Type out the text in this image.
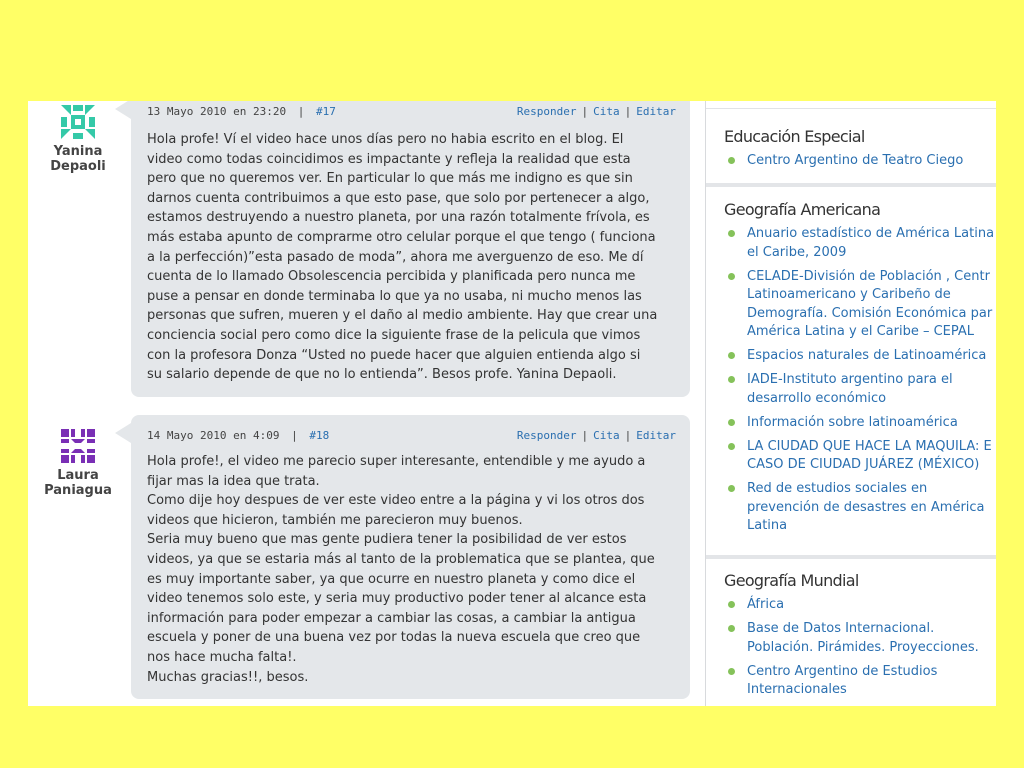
Yanina
Depaoli
13 Mayo 2010 en 23:20 | #17	Responder | Cita | Editar

Hola profe! Ví el video hace unos días pero no habia escrito en el blog. El

video como todas coincidimos es impactante y refleja la realidad que esta

pero que no queremos ver. En particular lo que más me indigno es que sin

darnos cuenta contribuimos a que esto pase, que solo por pertenecer a algo,

estamos destruyendo a nuestro planeta, por una razón totalmente frívola, es

más estaba apunto de comprarme otro celular porque el que tengo ( funciona

a la perfección)”esta pasado de moda”, ahora me averguenzo de eso. Me dí

cuenta de lo llamado Obsolescencia percibida y planificada pero nunca me

puse a pensar en donde terminaba lo que ya no usaba, ni mucho menos las

personas que sufren, mueren y el daño al medio ambiente. Hay que crear una

conciencia social pero como dice la siguiente frase de la pelicula que vimos

con la profesora Donza “Usted no puede hacer que alguien entienda algo si

su salario depende de que no lo entienda”. Besos profe. Yanina Depaoli.

Laura
Paniagua
14 Mayo 2010 en 4:09 | #18	Responder | Cita | Editar

Hola profe!, el video me parecio super interesante, entendible y me ayudo a

fijar mas la idea que trata.

Como dije hoy despues de ver este video entre a la página y vi los otros dos

videos que hicieron, también me parecieron muy buenos.

Seria muy bueno que mas gente pudiera tener la posibilidad de ver estos

videos, ya que se estaria más al tanto de la problematica que se plantea, que

es muy importante saber, ya que ocurre en nuestro planeta y como dice el

video tenemos solo este, y seria muy productivo poder tener al alcance esta

información para poder empezar a cambiar las cosas, a cambiar la antigua

escuela y poner de una buena vez por todas la nueva escuela que creo que

nos hace mucha falta!.

Muchas gracias!!, besos.

Educación Especial
Centro Argentino de Teatro Ciego
Geografía Americana
Anuario estadístico de América Latina
el Caribe, 2009
CELADE-División de Población , Centr
Latinoamericano y Caribeño de
Demografía. Comisión Económica par
América Latina y el Caribe – CEPAL
Espacios naturales de Latinoamérica
IADE-Instituto argentino para el
desarrollo económico
Información sobre latinoamérica
LA CIUDAD QUE HACE LA MAQUILA: E
CASO DE CIUDAD JUÁREZ (MÉXICO)
Red de estudios sociales en
prevención de desastres en América
Latina
Geografía Mundial
África
Base de Datos Internacional.
Población. Pirámides. Proyecciones.
Centro Argentino de Estudios
Internacionales
